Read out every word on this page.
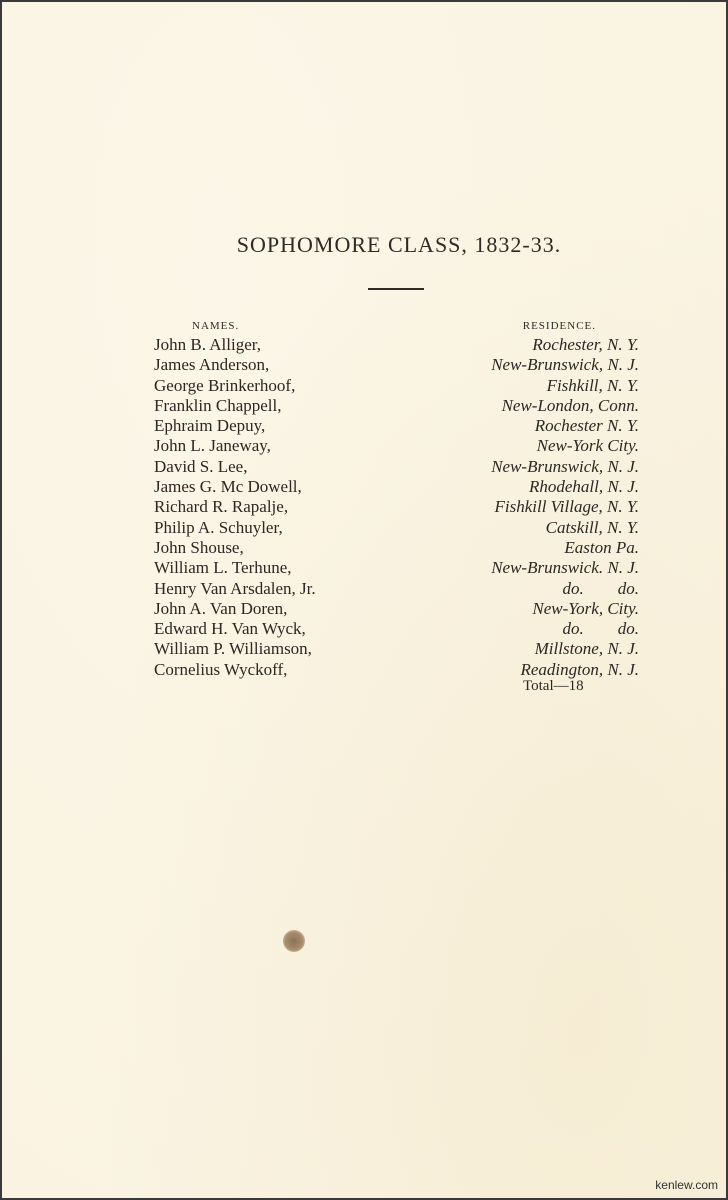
SOPHOMORE CLASS, 1832-33.
NAMES.	RESIDENCE.
John B. Alliger,	Rochester, N. Y.
James Anderson,	New-Brunswick, N. J.
George Brinkerhoof,	Fishkill, N. Y.
Franklin Chappell,	New-London, Conn.
Ephraim Depuy,	Rochester N. Y.
John L. Janeway,	New-York City.
David S. Lee,	New-Brunswick, N. J.
James G. Mc Dowell,	Rhodehall, N. J.
Richard R. Rapalje,	Fishkill Village, N. Y.
Philip A. Schuyler,	Catskill, N. Y.
John Shouse,	Easton Pa.
William L. Terhune,	New-Brunswick. N. J.
Henry Van Arsdalen, Jr.	do.        do.
John A. Van Doren,	New-York, City.
Edward H. Van Wyck,	do.        do.
William P. Williamson,	Millstone, N. J.
Cornelius Wyckoff,	Readington, N. J.
Total—18
kenlew.com
